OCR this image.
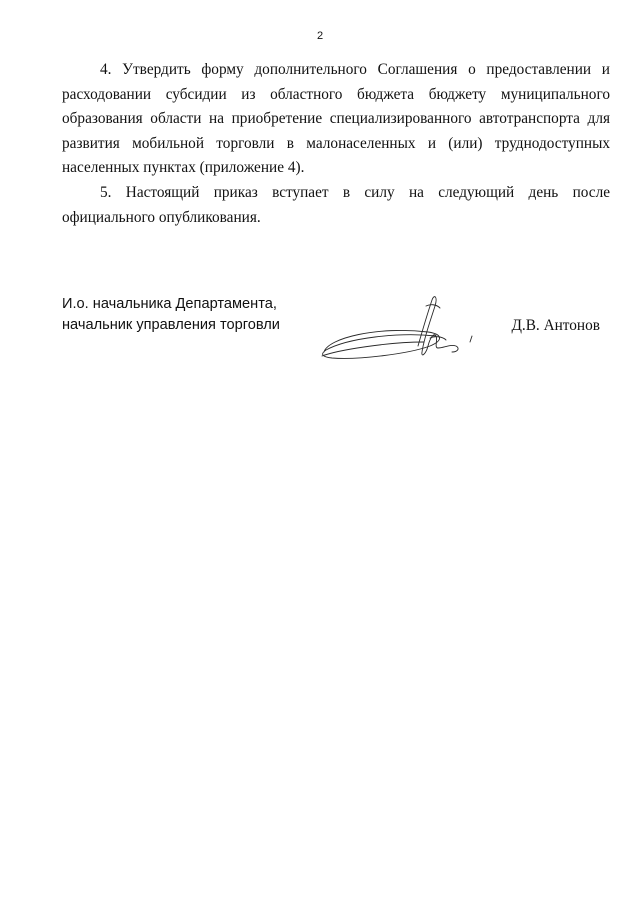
2

4. Утвердить форму дополнительного Соглашения о предоставлении и расходовании субсидии из областного бюджета бюджету муниципального образования области на приобретение специализированного автотранспорта для развития мобильной торговли в малонаселенных и (или) труднодоступных населенных пунктах (приложение 4).

5. Настоящий приказ вступает в силу на следующий день после официального опубликования.

И.о. начальника Департамента,
начальник управления торговли	Д.В. Антонов
